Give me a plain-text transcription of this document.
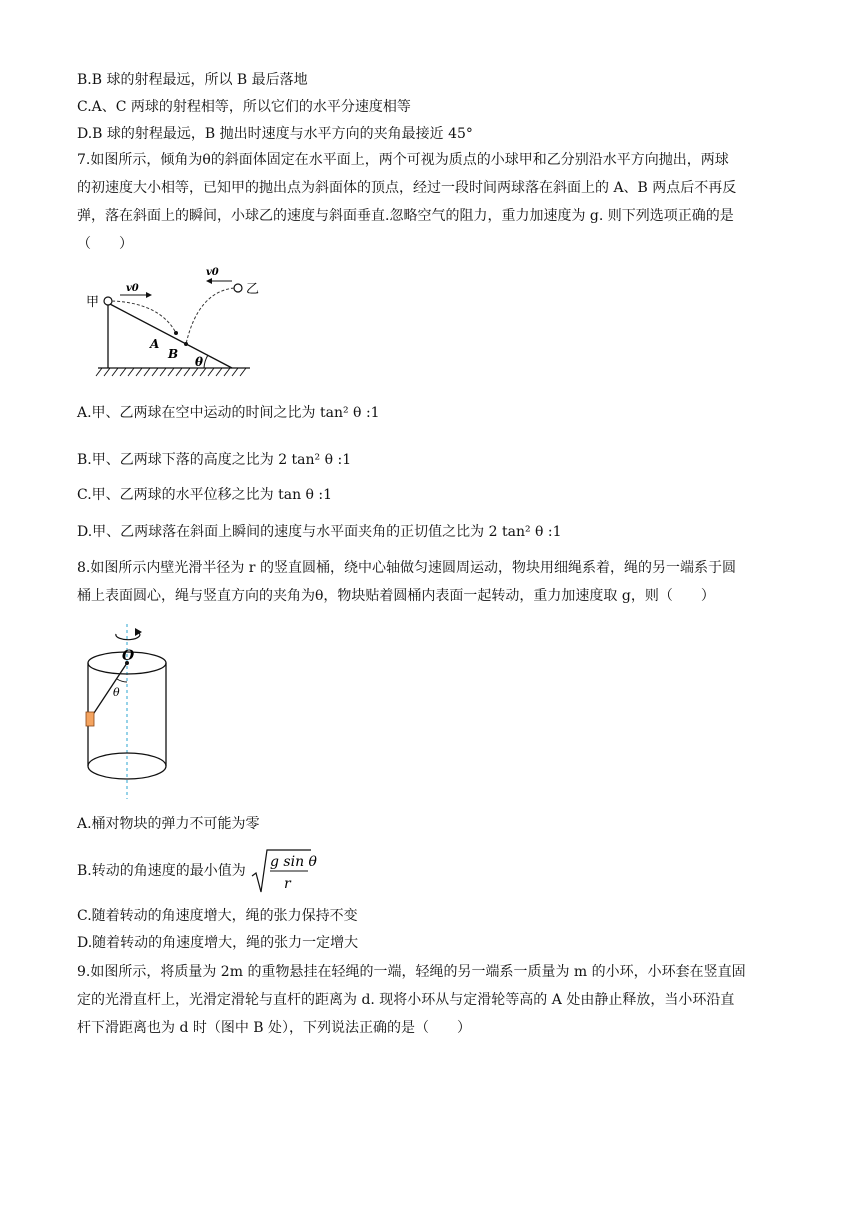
B.B 球的射程最远，所以 B 最后落地
C.A、C 两球的射程相等，所以它们的水平分速度相等
D.B 球的射程最远，B 抛出时速度与水平方向的夹角最接近 45°
7.如图所示，倾角为θ的斜面体固定在水平面上，两个可视为质点的小球甲和乙分别沿水平方向抛出，两球
的初速度大小相等，已知甲的抛出点为斜面体的顶点，经过一段时间两球落在斜面上的 A、B 两点后不再反
弹，落在斜面上的瞬间，小球乙的速度与斜面垂直.忽略空气的阻力，重力加速度为 g. 则下列选项正确的是
（　　）
θ
甲
v0
A
乙
v0
B
A.甲、乙两球在空中运动的时间之比为 tan² θ :1
B.甲、乙两球下落的高度之比为 2 tan² θ :1
C.甲、乙两球的水平位移之比为 tan θ :1
D.甲、乙两球落在斜面上瞬间的速度与水平面夹角的正切值之比为 2 tan² θ :1
8.如图所示内壁光滑半径为 r 的竖直圆桶，绕中心轴做匀速圆周运动，物块用细绳系着，绳的另一端系于圆
桶上表面圆心，绳与竖直方向的夹角为θ，物块贴着圆桶内表面一起转动，重力加速度取 g，则（　　）
O
θ
A.桶对物块的弹力不可能为零
B.转动的角速度的最小值为
g sin θ
r
C.随着转动的角速度增大，绳的张力保持不变
D.随着转动的角速度增大，绳的张力一定增大
9.如图所示，将质量为 2m 的重物悬挂在轻绳的一端，轻绳的另一端系一质量为 m 的小环，小环套在竖直固
定的光滑直杆上，光滑定滑轮与直杆的距离为 d. 现将小环从与定滑轮等高的 A 处由静止释放，当小环沿直
杆下滑距离也为 d 时（图中 B 处），下列说法正确的是（　　）
